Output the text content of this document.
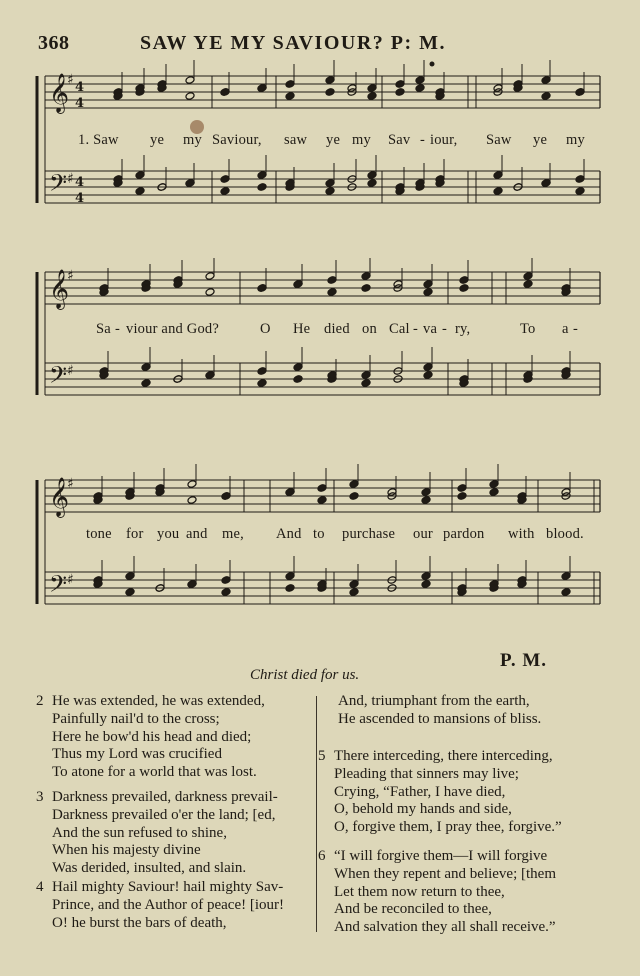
368	SAW YE MY SAVIOUR? P: M.
𝄞
𝄢
♯
♯
4
4
4
4
1. Saw ye my Saviour, saw ye my Sav - iour, Saw ye my
𝄞
𝄢
♯
♯
Sa - viour and God?	O He died on Cal - va - ry,	To a -
𝄞
𝄢
♯
♯
tone for you and me, And to purchase our pardon with blood.
P. M.
Christ died for us.
2 He was extended, he was extended,
Painfully nail'd to the cross;
Here he bow'd his head and died;
Thus my Lord was crucified
To atone for a world that was lost.
3 Darkness prevailed, darkness prevail-
Darkness prevailed o'er the land; [ed,
And the sun refused to shine,
When his majesty divine
Was derided, insulted, and slain.
4 Hail mighty Saviour! hail mighty Sav-
Prince, and the Author of peace! [iour!
O! he burst the bars of death,
And, triumphant from the earth,
He ascended to mansions of bliss.
5 There interceding, there interceding,
Pleading that sinners may live;
Crying, “Father, I have died,
O, behold my hands and side,
O, forgive them, I pray thee, forgive.”
6 “I will forgive them—I will forgive
When they repent and believe; [them
Let them now return to thee,
And be reconciled to thee,
And salvation they all shall receive.”
